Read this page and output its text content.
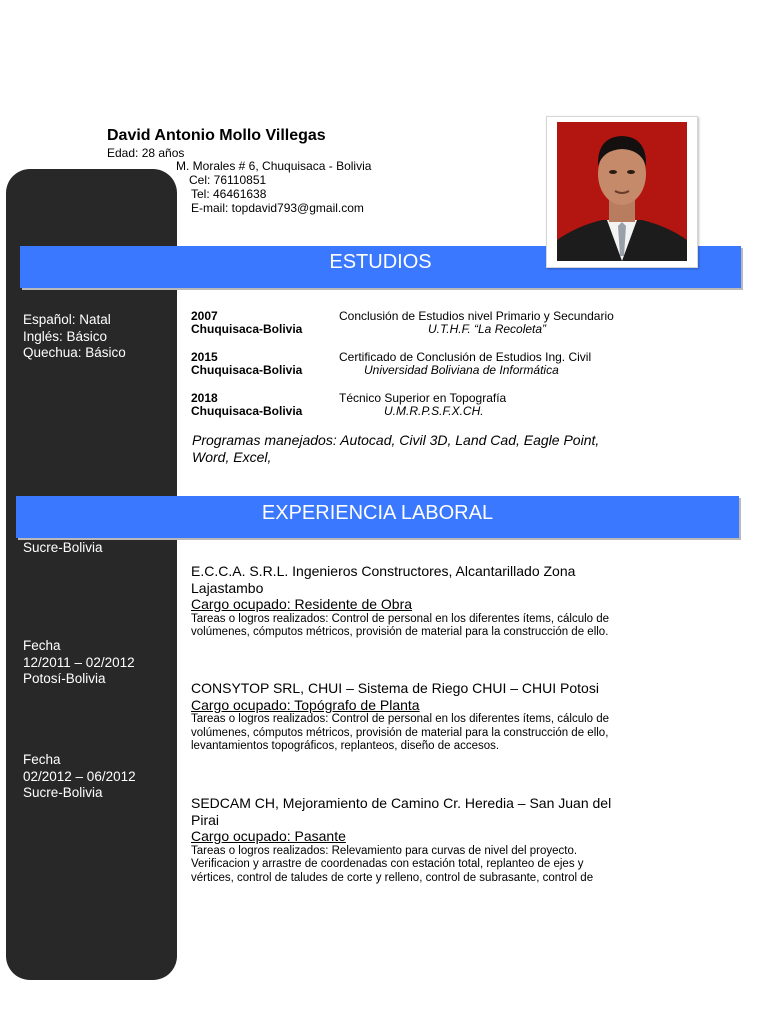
David Antonio Mollo Villegas
Edad: 28 años
M. Morales # 6, Chuquisaca - Bolivia
Cel: 76110851
Tel: 46461638
E-mail: topdavid793@gmail.com
Español: Natal
Inglés: Básico
Quechua: Básico
Sucre-Bolivia
Fecha
12/2011 – 02/2012
Potosí-Bolivia
Fecha
02/2012 – 06/2012
Sucre-Bolivia
ESTUDIOS
2007
Chuquisaca-Bolivia
Conclusión de Estudios nivel Primario y Secundario
U.T.H.F. “La Recoleta”
2015
Chuquisaca-Bolivia
Certificado de Conclusión de Estudios Ing. Civil
Universidad Boliviana de Informática
2018
Chuquisaca-Bolivia
Técnico Superior en Topografía
U.M.R.P.S.F.X.CH.
Programas manejados: Autocad, Civil 3D, Land Cad, Eagle Point,
Word, Excel,
EXPERIENCIA LABORAL
E.C.C.A. S.R.L. Ingenieros Constructores, Alcantarillado Zona
Lajastambo
Cargo ocupado: Residente de Obra
Tareas o logros realizados: Control de personal en los diferentes ítems, cálculo de
volúmenes, cómputos métricos, provisión de material para la construcción de ello.
CONSYTOP SRL, CHUI – Sistema de Riego CHUI – CHUI Potosi
Cargo ocupado: Topógrafo de Planta
Tareas o logros realizados: Control de personal en los diferentes ítems, cálculo de
volúmenes, cómputos métricos, provisión de material para la construcción de ello,
levantamientos topográficos, replanteos, diseño de accesos.
SEDCAM CH, Mejoramiento de Camino Cr. Heredia – San Juan del
Pirai
Cargo ocupado: Pasante
Tareas o logros realizados: Relevamiento para curvas de nivel del proyecto.
Verificacion y arrastre de coordenadas con estación total, replanteo de ejes y
vértices, control de taludes de corte y relleno, control de subrasante, control de
